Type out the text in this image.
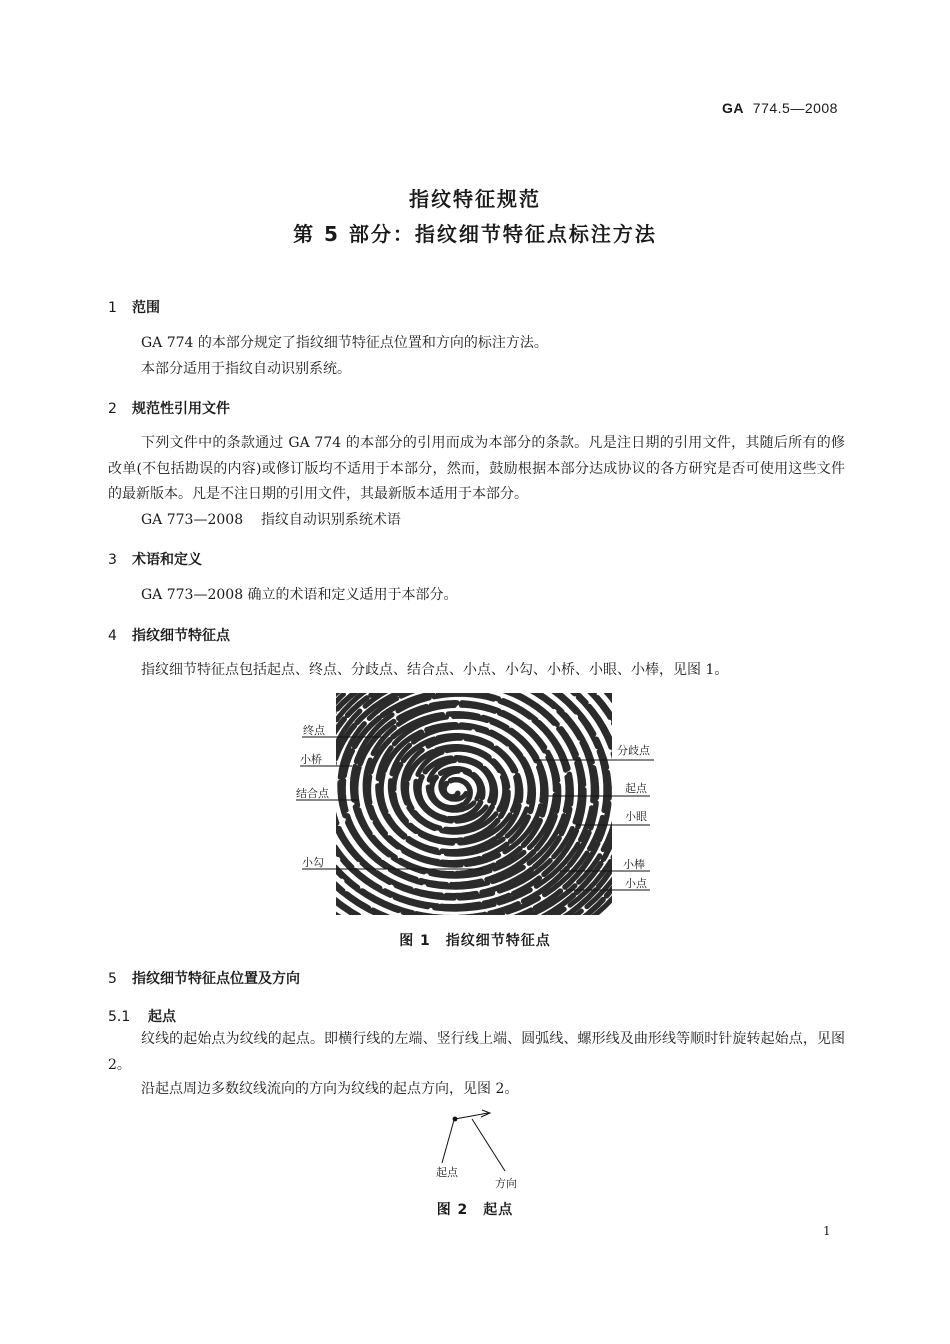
GA 774.5—2008
指纹特征规范
第 5 部分：指纹细节特征点标注方法
1 范围
GA 774 的本部分规定了指纹细节特征点位置和方向的标注方法。
本部分适用于指纹自动识别系统。
2 规范性引用文件
下列文件中的条款通过 GA 774 的本部分的引用而成为本部分的条款。凡是注日期的引用文件，其随后所有的修改单(不包括勘误的内容)或修订版均不适用于本部分，然而，鼓励根据本部分达成协议的各方研究是否可使用这些文件的最新版本。凡是不注日期的引用文件，其最新版本适用于本部分。
GA 773—2008 指纹自动识别系统术语
3 术语和定义
GA 773—2008 确立的术语和定义适用于本部分。
4 指纹细节特征点
指纹细节特征点包括起点、终点、分歧点、结合点、小点、小勾、小桥、小眼、小棒，见图 1。
终点
小桥
结合点
小勾
分歧点
起点
小眼
小棒
小点
图 1　指纹细节特征点
5 指纹细节特征点位置及方向
5.1 起点
纹线的起始点为纹线的起点。即横行线的左端、竖行线上端、圆弧线、螺形线及曲形线等顺时针旋转起始点，见图 2。
沿起点周边多数纹线流向的方向为纹线的起点方向，见图 2。
起点
方向
图 2　起点
1
